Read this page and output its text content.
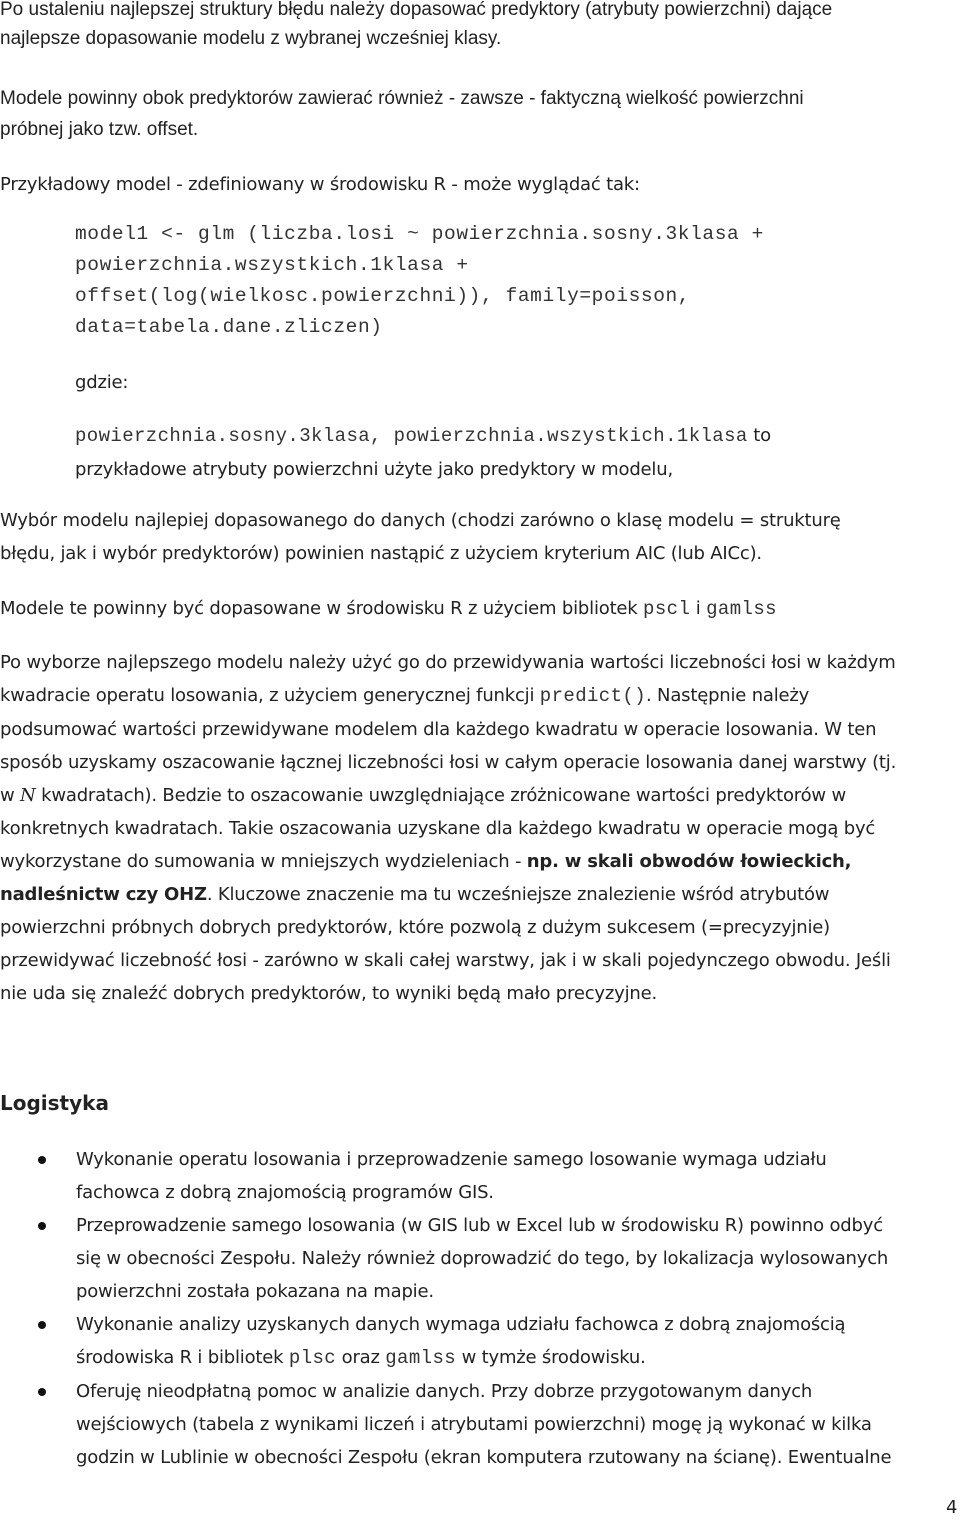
Po ustaleniu najlepszej struktury błędu należy dopasować predyktory (atrybuty powierzchni) dające
najlepsze dopasowanie modelu z wybranej wcześniej klasy.

Modele powinny obok predyktorów zawierać również - zawsze - faktyczną wielkość powierzchni
próbnej jako tzw. offset.

Przykładowy model - zdefiniowany w środowisku R - może wyglądać tak:

model1 <- glm (liczba.losi ~ powierzchnia.sosny.3klasa +
powierzchnia.wszystkich.1klasa +
offset(log(wielkosc.powierzchni)), family=poisson,
data=tabela.dane.zliczen)

gdzie:

powierzchnia.sosny.3klasa, powierzchnia.wszystkich.1klasa to
przykładowe atrybuty powierzchni użyte jako predyktory w modelu,

Wybór modelu najlepiej dopasowanego do danych (chodzi zarówno o klasę modelu = strukturę
błędu, jak i wybór predyktorów) powinien nastąpić z użyciem kryterium AIC (lub AICc).

Modele te powinny być dopasowane w środowisku R z użyciem bibliotek pscl i gamlss

Po wyborze najlepszego modelu należy użyć go do przewidywania wartości liczebności łosi w każdym
kwadracie operatu losowania, z użyciem generycznej funkcji predict(). Następnie należy
podsumować wartości przewidywane modelem dla każdego kwadratu w operacie losowania. W ten
sposób uzyskamy oszacowanie łącznej liczebności łosi w całym operacie losowania danej warstwy (tj.
w N kwadratach). Bedzie to oszacowanie uwzględniające zróżnicowane wartości predyktorów w
konkretnych kwadratach. Takie oszacowania uzyskane dla każdego kwadratu w operacie mogą być
wykorzystane do sumowania w mniejszych wydzieleniach - np. w skali obwodów łowieckich,
nadleśnictw czy OHZ. Kluczowe znaczenie ma tu wcześniejsze znalezienie wśród atrybutów
powierzchni próbnych dobrych predyktorów, które pozwolą z dużym sukcesem (=precyzyjnie)
przewidywać liczebność łosi - zarówno w skali całej warstwy, jak i w skali pojedynczego obwodu. Jeśli
nie uda się znaleźć dobrych predyktorów, to wyniki będą mało precyzyjne.

Logistyka
Wykonanie operatu losowania i przeprowadzenie samego losowanie wymaga udziału
fachowca z dobrą znajomością programów GIS.
Przeprowadzenie samego losowania (w GIS lub w Excel lub w środowisku R) powinno odbyć
się w obecności Zespołu. Należy również doprowadzić do tego, by lokalizacja wylosowanych
powierzchni została pokazana na mapie.
Wykonanie analizy uzyskanych danych wymaga udziału fachowca z dobrą znajomością
środowiska R i bibliotek plsc oraz gamlss w tymże środowisku.
Oferuję nieodpłatną pomoc w analizie danych. Przy dobrze przygotowanym danych
wejściowych (tabela z wynikami liczeń i atrybutami powierzchni) mogę ją wykonać w kilka
godzin w Lublinie w obecności Zespołu (ekran komputera rzutowany na ścianę). Ewentualne
4
